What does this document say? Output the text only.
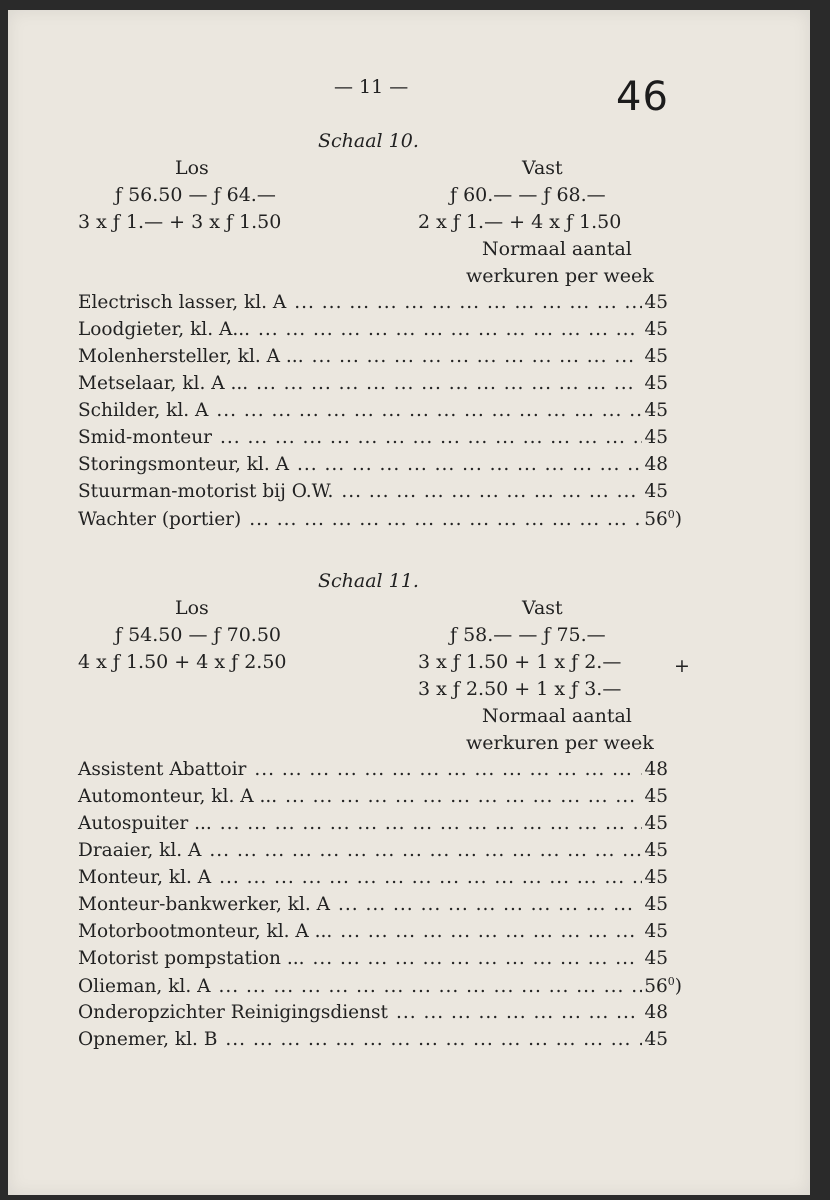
— 11 —	46
Schaal 10.
Los	Vast
ƒ 56.50 — ƒ 64.—	ƒ 60.— — ƒ 68.—
3 x ƒ 1.— + 3 x ƒ 1.50	2 x ƒ 1.— + 4 x ƒ 1.50
Normaal aantal
werkuren per week
Electrisch lasser, kl. A ... .	45
Loodgieter, kl. A... ... .	45
Molenhersteller, kl. A ... ... .	45
Metselaar, kl. A ... ... .	45
Schilder, kl. A ... .	45
Smid-monteur ... .	45
Storingsmonteur, kl. A ... .	48
Stuurman-motorist bij O.W. ... .	45
Wachter (portier) ... .	$56^0$)
Schaal 11.
Los	Vast
ƒ 54.50 — ƒ 70.50	ƒ 58.— — ƒ 75.—
4 x ƒ 1.50 + 4 x ƒ 2.50	3 x ƒ 1.50 + 1 x ƒ 2.—	+
3 x ƒ 2.50 + 1 x ƒ 3.—
Normaal aantal
werkuren per week
Assistent Abattoir ... .	48
Automonteur, kl. A ... ... .	45
Autospuiter ... ... .	45
Draaier, kl. A ... .	45
Monteur, kl. A ... .	45
Monteur-bankwerker, kl. A ... .	45
Motorbootmonteur, kl. A ... ... .	45
Motorist pompstation ... ... .	45
Olieman, kl. A ... .	$56^0$)
Onderopzichter Reinigingsdienst ... .	48
Opnemer, kl. B ... .	45
